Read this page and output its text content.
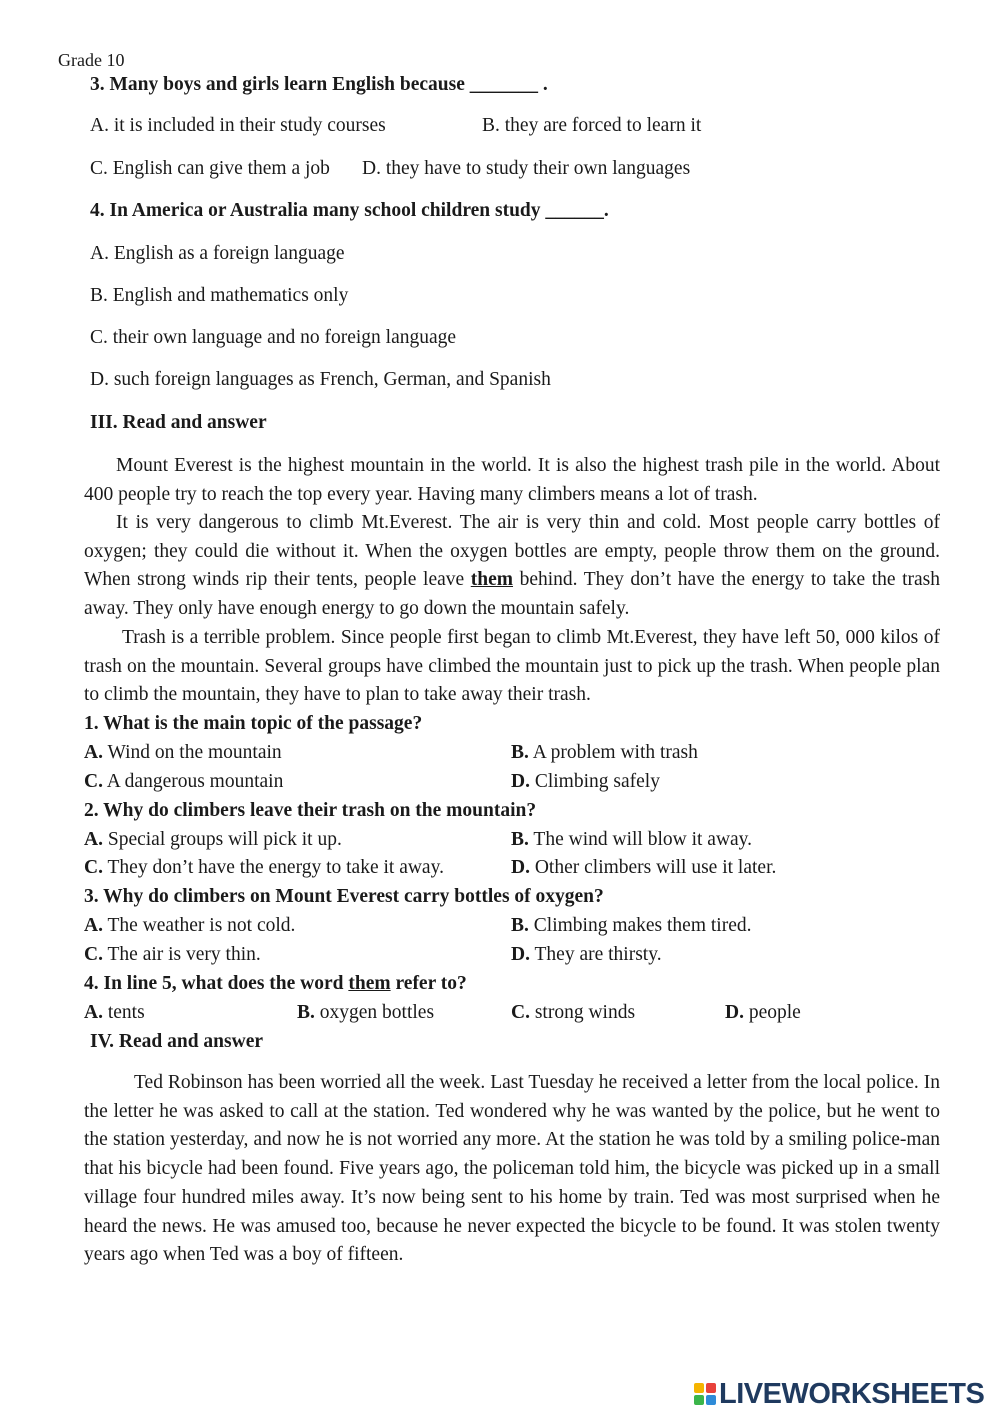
Grade 10
3. Many boys and girls learn English because _______ .
A. it is included in their study courses	B. they are forced to learn it
C. English can give them a job D. they have to study their own languages
4. In America or Australia many school children study ______.
A. English as a foreign language
B. English and mathematics only
C. their own language and no foreign language
D. such foreign languages as French, German, and Spanish
III. Read and answer
Mount Everest is the highest mountain in the world. It is also the highest trash pile in the world. About 400 people try to reach the top every year. Having many climbers means a lot of trash.
It is very dangerous to climb Mt.Everest. The air is very thin and cold. Most people carry bottles of oxygen; they could die without it. When the oxygen bottles are empty, people throw them on the ground. When strong winds rip their tents, people leave them behind. They don’t have the energy to take the trash away. They only have enough energy to go down the mountain safely.
Trash is a terrible problem. Since people first began to climb Mt.Everest, they have left 50, 000 kilos of trash on the mountain. Several groups have climbed the mountain just to pick up the trash. When people plan to climb the mountain, they have to plan to take away their trash.
1. What is the main topic of the passage?
A. Wind on the mountain	B. A problem with trash
C. A dangerous mountain	D. Climbing safely
2. Why do climbers leave their trash on the mountain?
A. Special groups will pick it up.	B. The wind will blow it away.
C. They don’t have the energy to take it away.	D. Other climbers will use it later.
3. Why do climbers on Mount Everest carry bottles of oxygen?
A. The weather is not cold.	B. Climbing makes them tired.
C. The air is very thin.	D. They are thirsty.
4. In line 5, what does the word them refer to?
A. tents	B. oxygen bottles	C. strong winds	D. people
IV. Read and answer
Ted Robinson has been worried all the week. Last Tuesday he received a letter from the local police. In the letter he was asked to call at the station. Ted wondered why he was wanted by the police, but he went to the station yesterday, and now he is not worried any more. At the station he was told by a smiling police-man that his bicycle had been found. Five years ago, the policeman told him, the bicycle was picked up in a small village four hundred miles away. It’s now being sent to his home by train. Ted was most surprised when he heard the news. He was amused too, because he never expected the bicycle to be found. It was stolen twenty years ago when Ted was a boy of fifteen.
LIVEWORKSHEETS
